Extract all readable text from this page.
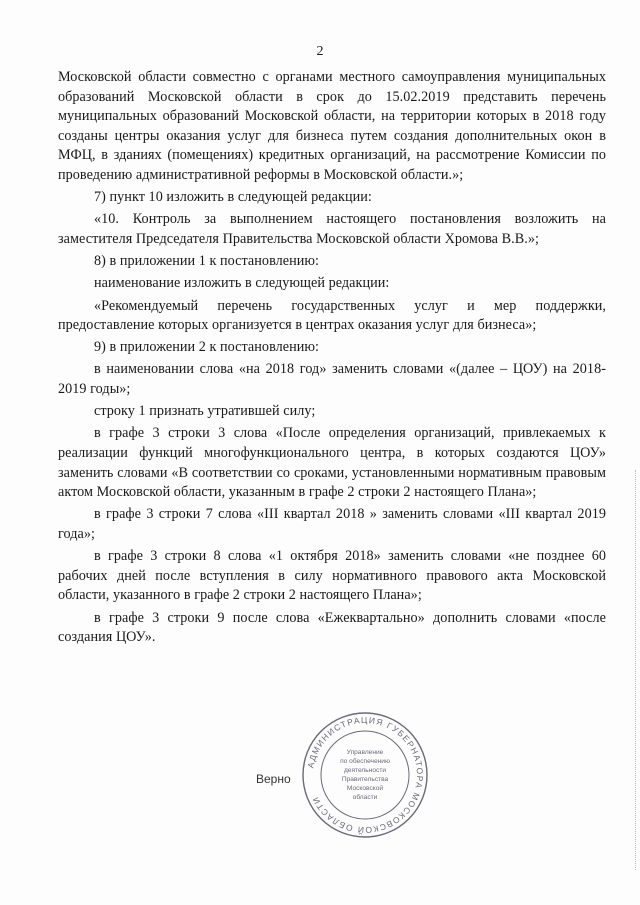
2

Московской области совместно с органами местного самоуправления муниципальных образований Московской области в срок до 15.02.2019 представить перечень муниципальных образований Московской области, на территории которых в 2018 году созданы центры оказания услуг для бизнеса путем создания дополнительных окон в МФЦ, в зданиях (помещениях) кредитных организаций, на рассмотрение Комиссии по проведению административной реформы в Московской области.»;

7) пункт 10 изложить в следующей редакции:

«10. Контроль за выполнением настоящего постановления возложить на заместителя Председателя Правительства Московской области Хромова В.В.»;

8) в приложении 1 к постановлению:

наименование изложить в следующей редакции:

«Рекомендуемый перечень государственных услуг и мер поддержки, предоставление которых организуется в центрах оказания услуг для бизнеса»;

9) в приложении 2 к постановлению:

в наименовании слова «на 2018 год» заменить словами «(далее – ЦОУ) на 2018-2019 годы»;

строку 1 признать утратившей силу;

в графе 3 строки 3 слова «После определения организаций, привлекаемых к реализации функций многофункционального центра, в которых создаются ЦОУ» заменить словами «В соответствии со сроками, установленными нормативным правовым актом Московской области, указанным в графе 2 строки 2 настоящего Плана»;

в графе 3 строки 7 слова «III квартал 2018 » заменить словами «III квартал 2019 года»;

в графе 3 строки 8 слова «1 октября 2018» заменить словами «не позднее 60 рабочих дней после вступления в силу нормативного правового акта Московской области, указанного в графе 2 строки 2 настоящего Плана»;

в графе 3 строки 9 после слова «Ежеквартально» дополнить словами «после создания ЦОУ».

Верно
АДМИНИСТРАЦИЯ ГУБЕРНАТОРА МОСКОВСКОЙ ОБЛАСТИ
Управление
по обеспечению
деятельности
Правительства
Московской
области
